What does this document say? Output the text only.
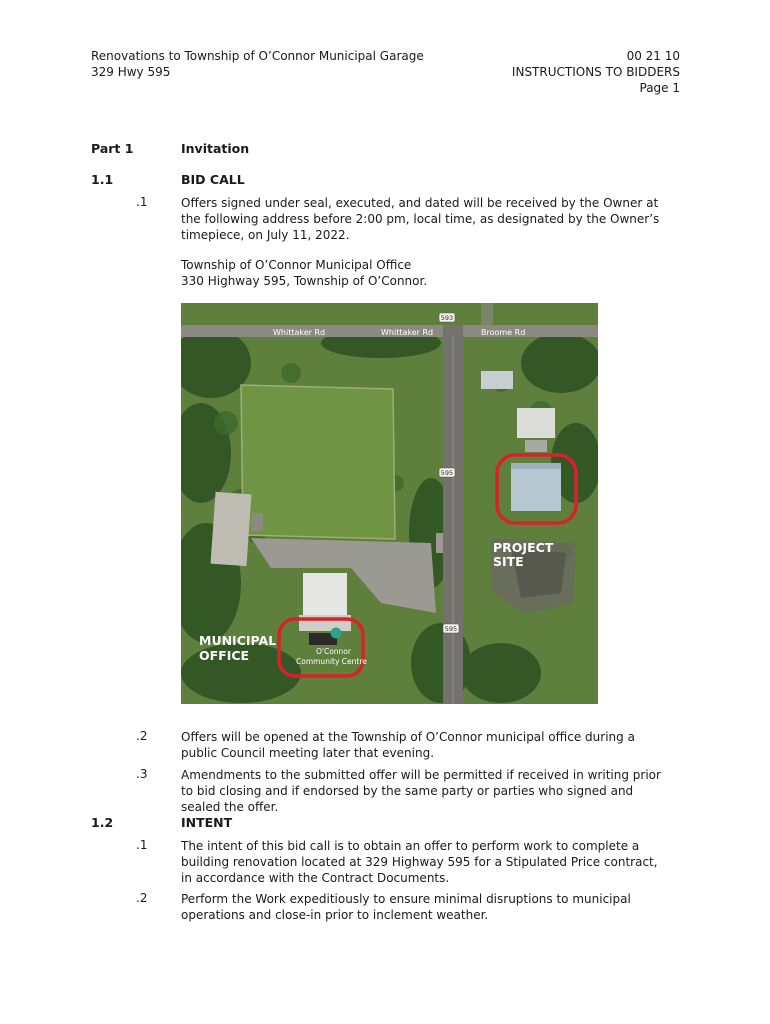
Renovations to Township of O’Connor Municipal Garage
329 Hwy 595
00 21 10
INSTRUCTIONS TO BIDDERS
Page 1
Part 1	Invitation
1.1	BID CALL
.1	Offers signed under seal, executed, and dated will be received by the Owner at the following address before 2:00 pm, local time, as designated by the Owner’s timepiece, on July 11, 2022.
Township of O’Connor Municipal Office
330 Highway 595, Township of O’Connor.
593
595
595
Whittaker Rd	Whittaker Rd	Broome Rd
PROJECT
SITE
O'Connor
Community Centre
MUNICIPAL
OFFICE
.2	Offers will be opened at the Township of O’Connor municipal office during a public Council meeting later that evening.
.3	Amendments to the submitted offer will be permitted if received in writing prior to bid closing and if endorsed by the same party or parties who signed and sealed the offer.
1.2	INTENT
.1	The intent of this bid call is to obtain an offer to perform work to complete a building renovation located at 329 Highway 595 for a Stipulated Price contract, in accordance with the Contract Documents.
.2	Perform the Work expeditiously to ensure minimal disruptions to municipal operations and close-in prior to inclement weather.
